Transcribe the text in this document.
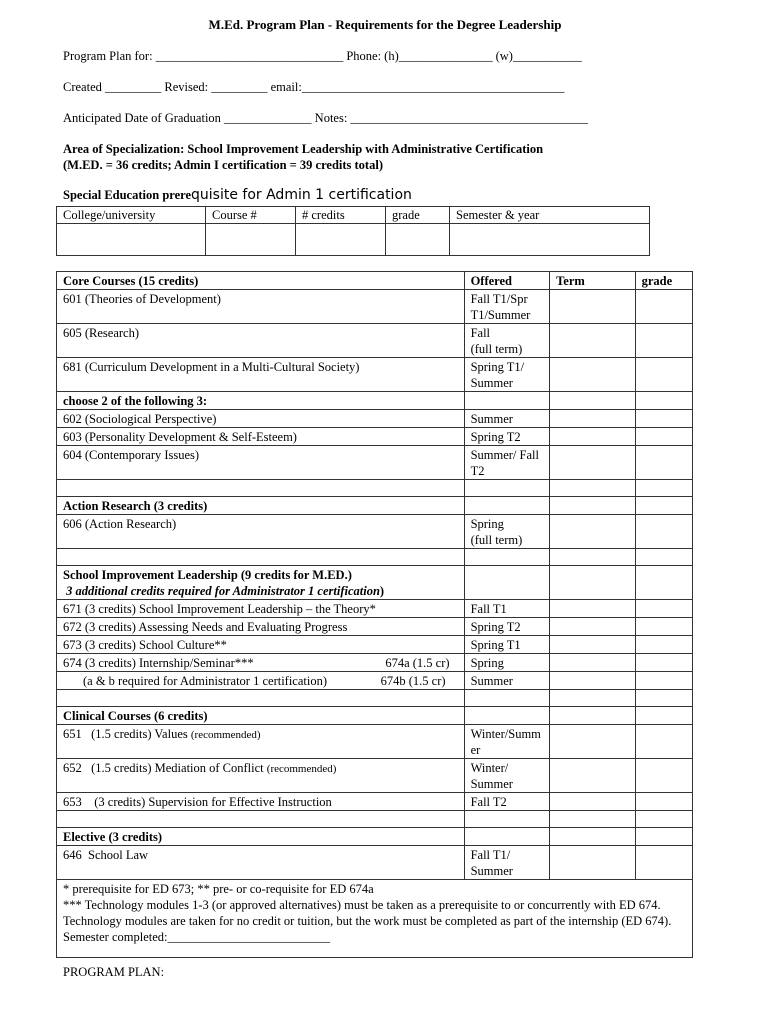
M.Ed. Program Plan - Requirements for the Degree Leadership
Program Plan for: ______________________________ Phone: (h)_______________ (w)___________
Created _________ Revised: _________ email:__________________________________________
Anticipated Date of Graduation ______________ Notes: ______________________________________
Area of Specialization: School Improvement Leadership with Administrative Certification
(M.ED. = 36 credits; Admin I certification = 39 credits total)
Special Education prerequisite for Admin 1 certification
College/university	Course #	# credits	grade	Semester & year

Core Courses (15 credits)	Offered	Term	grade
601 (Theories of Development)	Fall T1/Spr T1/Summer		
605 (Research)	Fall
(full term)		
681 (Curriculum Development in a Multi-Cultural Society)	Spring T1/ Summer		
choose 2 of the following 3:			
602 (Sociological Perspective)	Summer		
603 (Personality Development & Self-Esteem)	Spring T2		
604 (Contemporary Issues)	Summer/ Fall T2		

Action Research (3 credits)			
606 (Action Research)	Spring
(full term)		

School Improvement Leadership (9 credits for M.ED.)
3 additional credits required for Administrator 1 certification)			

671 (3 credits) School Improvement Leadership – the Theory*	Fall T1		
672 (3 credits) Assessing Needs and Evaluating Progress	Spring T2		
673 (3 credits) School Culture**	Spring T1		
674 (3 credits) Internship/Seminar*** 674a (1.5 cr)	Spring		
(a & b required for Administrator 1 certification) 674b (1.5 cr)	Summer		

Clinical Courses (6 credits)			
651   (1.5 credits) Values (recommended)	Winter/Summer		
652   (1.5 credits) Mediation of Conflict (recommended)	Winter/ Summer		
653    (3 credits) Supervision for Effective Instruction	Fall T2		

Elective (3 credits)			
646  School Law	Fall T1/ Summer		

* prerequisite for ED 673; ** pre- or co-requisite for ED 674a
*** Technology modules 1-3 (or approved alternatives) must be taken as a prerequisite to or concurrently with ED 674. Technology modules are taken for no credit or tuition, but the work must be completed as part of the internship (ED 674). Semester completed:__________________________			
PROGRAM PLAN:
